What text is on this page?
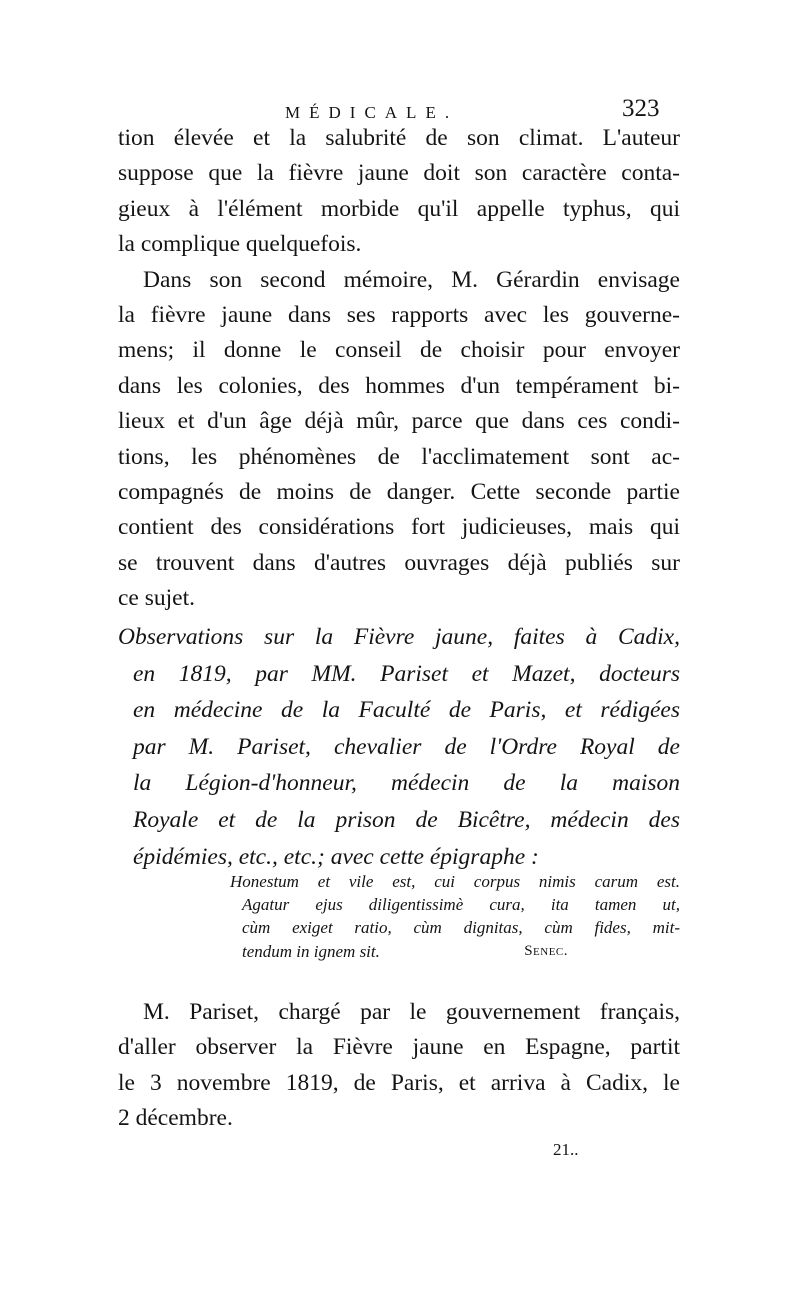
MÉDICALE.	323
tion élevée et la salubrité de son climat. L'auteur
suppose que la fièvre jaune doit son caractère conta-
gieux à l'élément morbide qu'il appelle typhus, qui
la complique quelquefois.
Dans son second mémoire, M. Gérardin envisage
la fièvre jaune dans ses rapports avec les gouverne-
mens; il donne le conseil de choisir pour envoyer
dans les colonies, des hommes d'un tempérament bi-
lieux et d'un âge déjà mûr, parce que dans ces condi-
tions, les phénomènes de l'acclimatement sont ac-
compagnés de moins de danger. Cette seconde partie
contient des considérations fort judicieuses, mais qui
se trouvent dans d'autres ouvrages déjà publiés sur
ce sujet.
Observations sur la Fièvre jaune, faites à Cadix,
en 1819, par MM. Pariset et Mazet, docteurs
en médecine de la Faculté de Paris, et rédigées
par M. Pariset, chevalier de l'Ordre Royal de
la Légion-d'honneur, médecin de la maison
Royale et de la prison de Bicêtre, médecin des
épidémies, etc., etc.; avec cette épigraphe :
Honestum et vile est, cui corpus nimis carum est.
Agatur ejus diligentissimè cura, ita tamen ut,
cùm exiget ratio, cùm dignitas, cùm fides, mit-
tendum in ignem sit.	Senec.
M. Pariset, chargé par le gouvernement français,
d'aller observer la Fièvre jaune en Espagne, partit
le 3 novembre 1819, de Paris, et arriva à Cadix, le
2 décembre.
21..
